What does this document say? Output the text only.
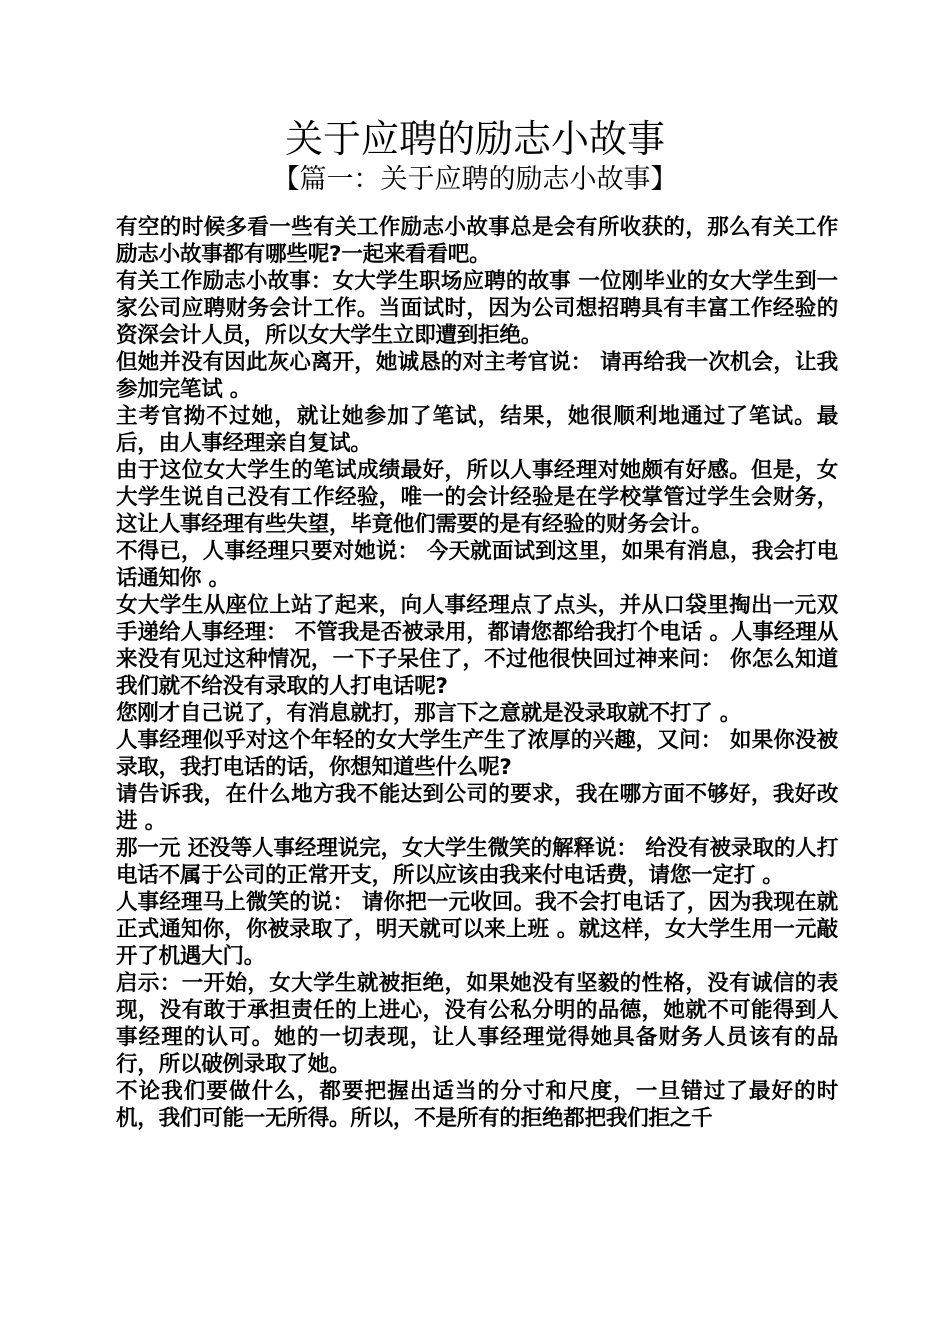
关于应聘的励志小故事
【篇一：关于应聘的励志小故事】

有空的时候多看一些有关工作励志小故事总是会有所收获的，那么有关工作励志小故事都有哪些呢?一起来看看吧。

有关工作励志小故事：女大学生职场应聘的故事 一位刚毕业的女大学生到一家公司应聘财务会计工作。当面试时，因为公司想招聘具有丰富工作经验的资深会计人员，所以女大学生立即遭到拒绝。

但她并没有因此灰心离开，她诚恳的对主考官说： 请再给我一次机会，让我参加完笔试 。

主考官拗不过她，就让她参加了笔试，结果，她很顺利地通过了笔试。最后，由人事经理亲自复试。

由于这位女大学生的笔试成绩最好，所以人事经理对她颇有好感。但是，女大学生说自己没有工作经验，唯一的会计经验是在学校掌管过学生会财务，这让人事经理有些失望，毕竟他们需要的是有经验的财务会计。

不得已，人事经理只要对她说： 今天就面试到这里，如果有消息，我会打电话通知你 。

女大学生从座位上站了起来，向人事经理点了点头，并从口袋里掏出一元双手递给人事经理： 不管我是否被录用，都请您都给我打个电话 。人事经理从来没有见过这种情况，一下子呆住了，不过他很快回过神来问： 你怎么知道我们就不给没有录取的人打电话呢?

您刚才自己说了，有消息就打，那言下之意就是没录取就不打了 。

人事经理似乎对这个年轻的女大学生产生了浓厚的兴趣，又问： 如果你没被录取，我打电话的话，你想知道些什么呢?

请告诉我，在什么地方我不能达到公司的要求，我在哪方面不够好，我好改进 。

那一元 还没等人事经理说完，女大学生微笑的解释说： 给没有被录取的人打电话不属于公司的正常开支，所以应该由我来付电话费，请您一定打 。

人事经理马上微笑的说： 请你把一元收回。我不会打电话了，因为我现在就正式通知你，你被录取了，明天就可以来上班 。就这样，女大学生用一元敲开了机遇大门。

启示：一开始，女大学生就被拒绝，如果她没有坚毅的性格，没有诚信的表现，没有敢于承担责任的上进心，没有公私分明的品德，她就不可能得到人事经理的认可。她的一切表现，让人事经理觉得她具备财务人员该有的品行，所以破例录取了她。

不论我们要做什么，都要把握出适当的分寸和尺度，一旦错过了最好的时机，我们可能一无所得。所以，不是所有的拒绝都把我们拒之千
